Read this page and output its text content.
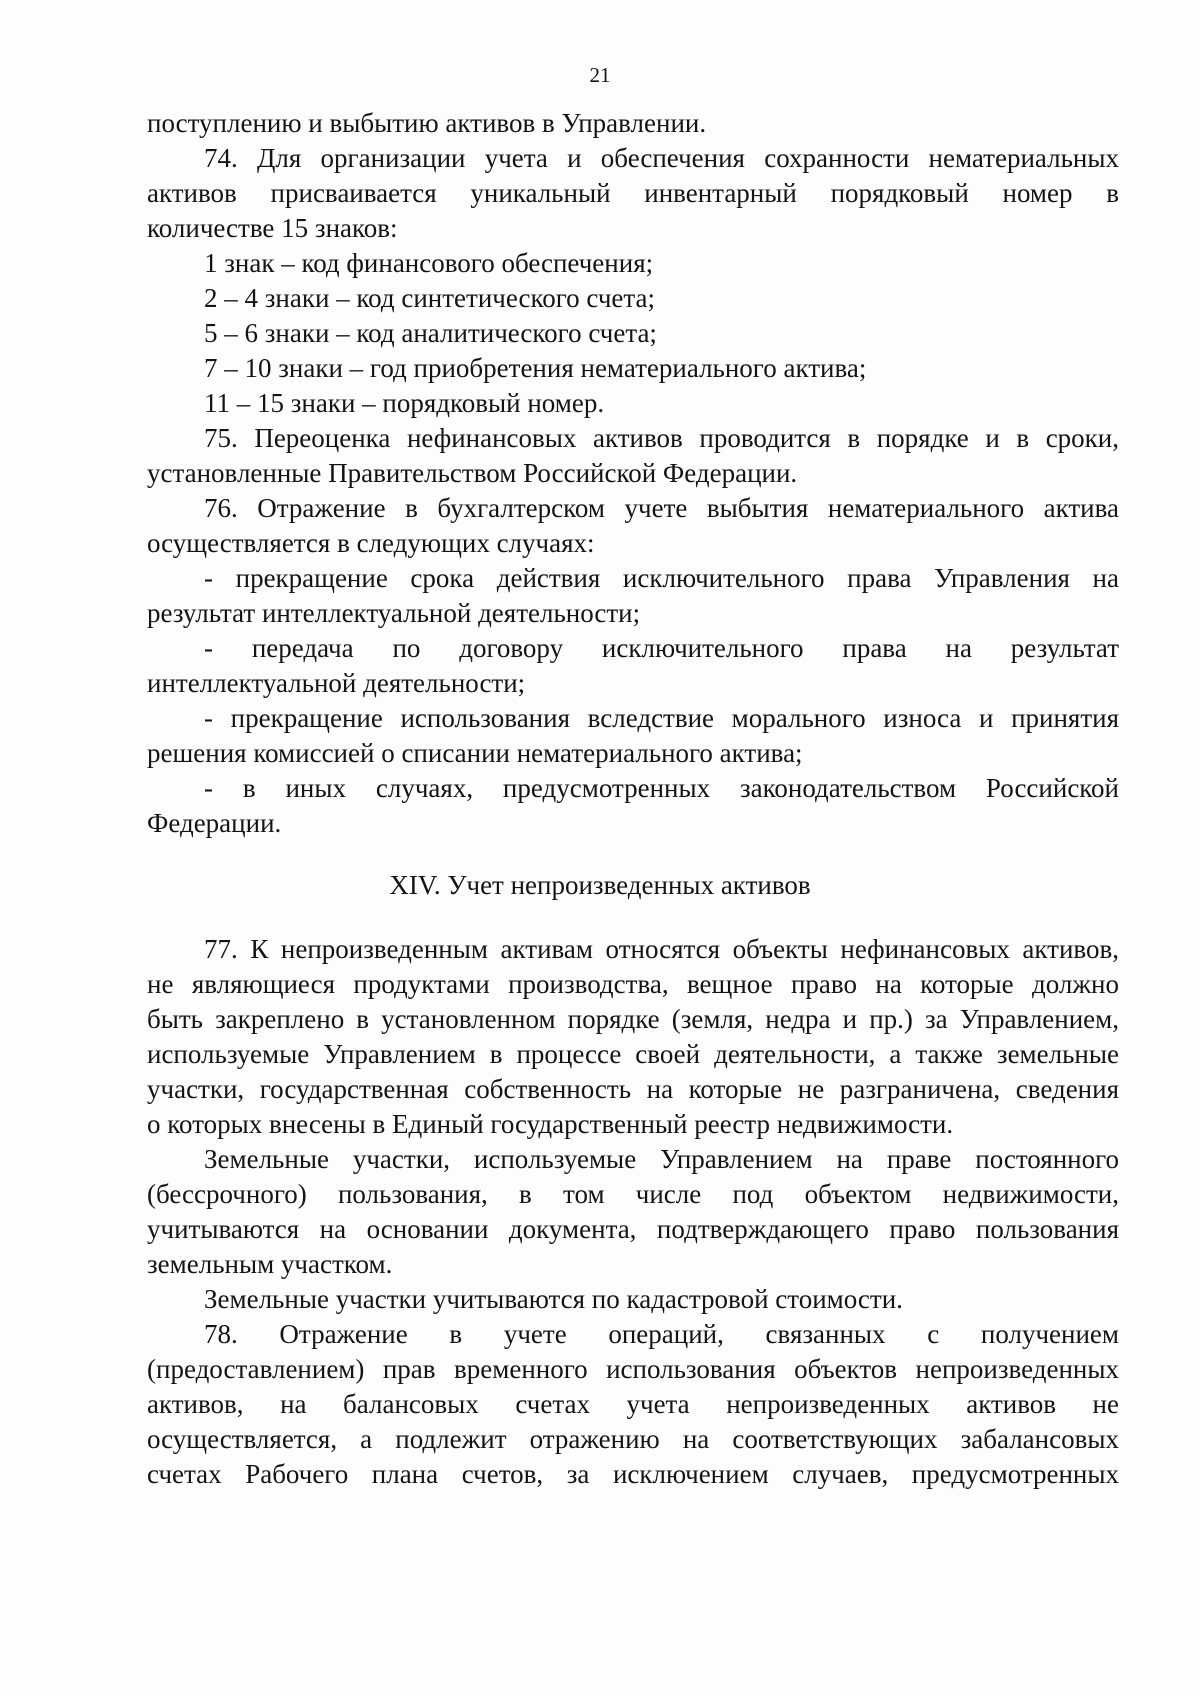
21
поступлению и выбытию активов в Управлении.
74. Для организации учета и обеспечения сохранности нематериальных
активов присваивается уникальный инвентарный порядковый номер в
количестве 15 знаков:
1 знак – код финансового обеспечения;
2 – 4 знаки – код синтетического счета;
5 – 6 знаки – код аналитического счета;
7 – 10 знаки – год приобретения нематериального актива;
11 – 15 знаки – порядковый номер.
75. Переоценка нефинансовых активов проводится в порядке и в сроки,
установленные Правительством Российской Федерации.
76. Отражение в бухгалтерском учете выбытия нематериального актива
осуществляется в следующих случаях:
- прекращение срока действия исключительного права Управления на
результат интеллектуальной деятельности;
- передача по договору исключительного права на результат
интеллектуальной деятельности;
- прекращение использования вследствие морального износа и принятия
решения комиссией о списании нематериального актива;
- в иных случаях, предусмотренных законодательством Российской
Федерации.
XIV. Учет непроизведенных активов
77. К непроизведенным активам относятся объекты нефинансовых активов,
не являющиеся продуктами производства, вещное право на которые должно
быть закреплено в установленном порядке (земля, недра и пр.) за Управлением,
используемые Управлением в процессе своей деятельности, а также земельные
участки, государственная собственность на которые не разграничена, сведения
о которых внесены в Единый государственный реестр недвижимости.
Земельные участки, используемые Управлением на праве постоянного
(бессрочного) пользования, в том числе под объектом недвижимости,
учитываются на основании документа, подтверждающего право пользования
земельным участком.
Земельные участки учитываются по кадастровой стоимости.
78. Отражение в учете операций, связанных с получением
(предоставлением) прав временного использования объектов непроизведенных
активов, на балансовых счетах учета непроизведенных активов не
осуществляется, а подлежит отражению на соответствующих забалансовых
счетах Рабочего плана счетов, за исключением случаев, предусмотренных
